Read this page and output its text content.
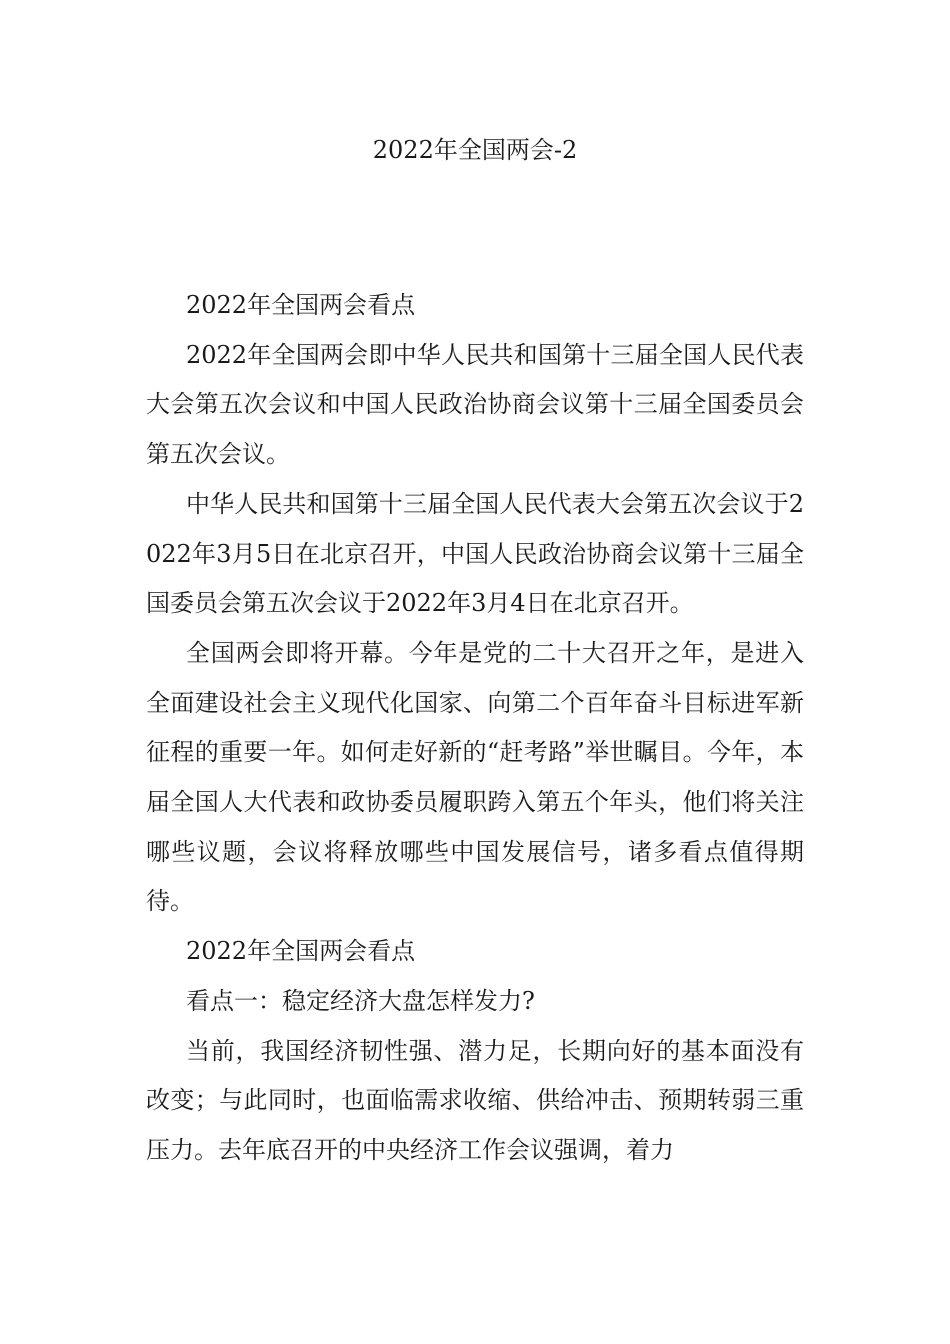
2022年全国两会-2

2022年全国两会看点

2022年全国两会即中华人民共和国第十三届全国人民代表大会第五次会议和中国人民政治协商会议第十三届全国委员会第五次会议。

中华人民共和国第十三届全国人民代表大会第五次会议于2022年3月5日在北京召开，中国人民政治协商会议第十三届全国委员会第五次会议于2022年3月4日在北京召开。

全国两会即将开幕。今年是党的二十大召开之年，是进入全面建设社会主义现代化国家、向第二个百年奋斗目标进军新征程的重要一年。如何走好新的“赶考路”举世瞩目。今年，本届全国人大代表和政协委员履职跨入第五个年头，他们将关注哪些议题，会议将释放哪些中国发展信号，诸多看点值得期待。

2022年全国两会看点

看点一：稳定经济大盘怎样发力?

当前，我国经济韧性强、潜力足，长期向好的基本面没有改变；与此同时，也面临需求收缩、供给冲击、预期转弱三重压力。去年底召开的中央经济工作会议强调，着力
